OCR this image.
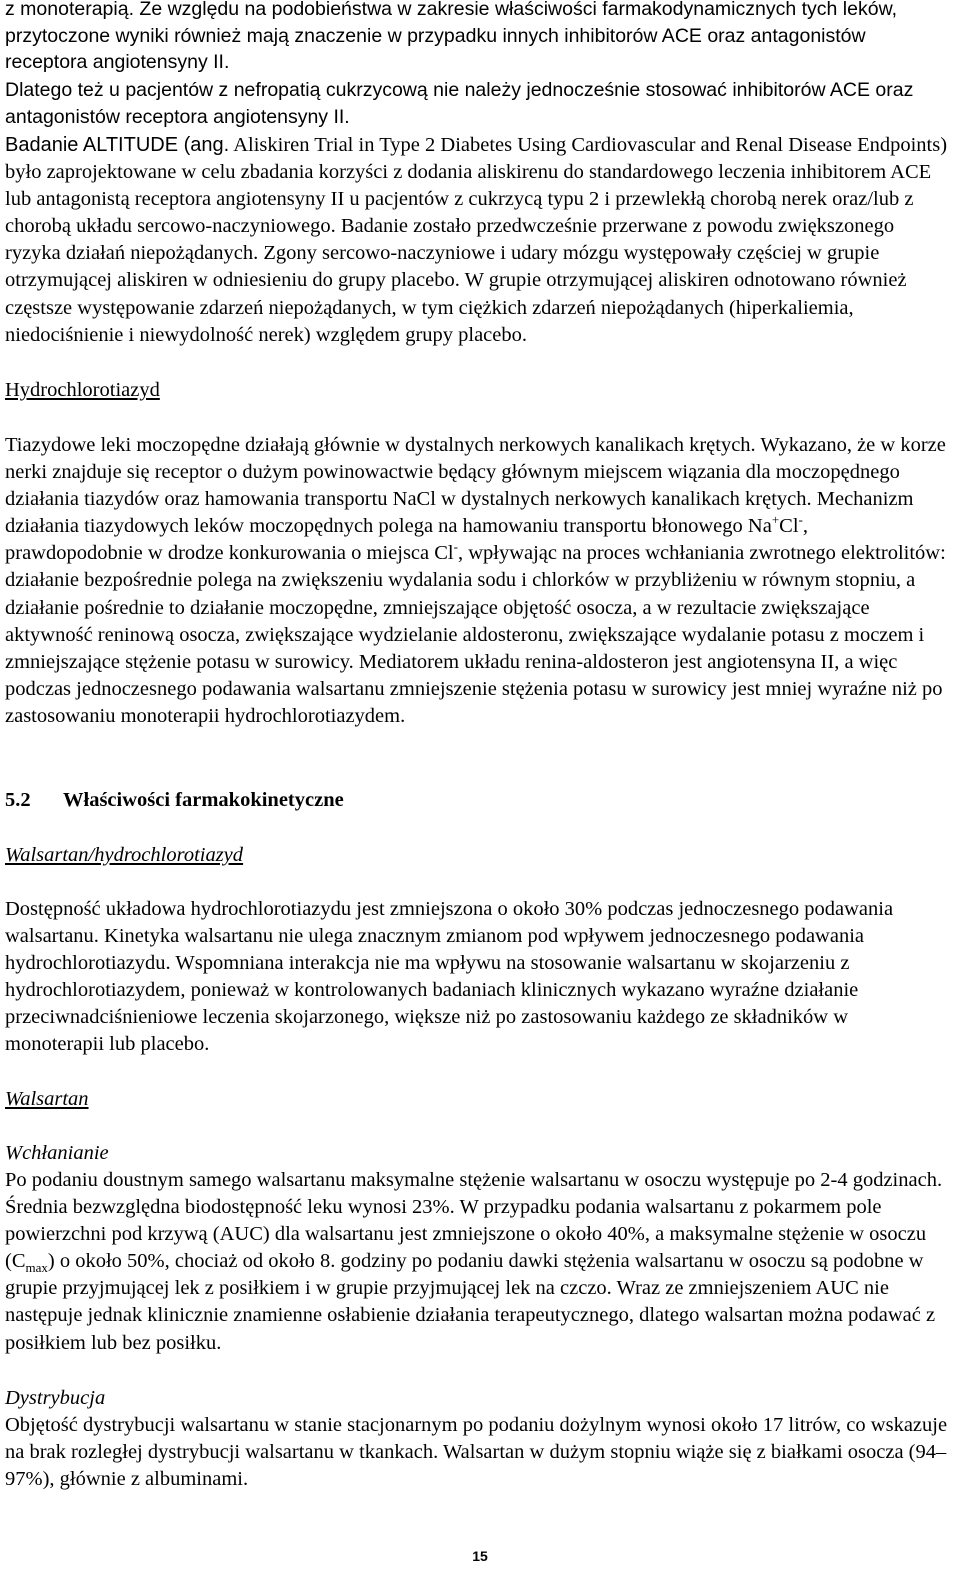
z monoterapią. Ze względu na podobieństwa w zakresie właściwości farmakodynamicznych tych leków, przytoczone wyniki również mają znaczenie w przypadku innych inhibitorów ACE oraz antagonistów receptora angiotensyny II.

Dlatego też u pacjentów z nefropatią cukrzycową nie należy jednocześnie stosować inhibitorów ACE oraz antagonistów receptora angiotensyny II.

Badanie ALTITUDE (ang. Aliskiren Trial in Type 2 Diabetes Using Cardiovascular and Renal Disease Endpoints) było zaprojektowane w celu zbadania korzyści z dodania aliskirenu do standardowego leczenia inhibitorem ACE lub antagonistą receptora angiotensyny II u pacjentów z cukrzycą typu 2 i przewlekłą chorobą nerek oraz/lub z chorobą układu sercowo-naczyniowego. Badanie zostało przedwcześnie przerwane z powodu zwiększonego ryzyka działań niepożądanych. Zgony sercowo-naczyniowe i udary mózgu występowały częściej w grupie otrzymującej aliskiren w odniesieniu do grupy placebo. W grupie otrzymującej aliskiren odnotowano również częstsze występowanie zdarzeń niepożądanych, w tym ciężkich zdarzeń niepożądanych (hiperkaliemia, niedociśnienie i niewydolność nerek) względem grupy placebo.

Hydrochlorotiazyd

Tiazydowe leki moczopędne działają głównie w dystalnych nerkowych kanalikach krętych. Wykazano, że w korze nerki znajduje się receptor o dużym powinowactwie będący głównym miejscem wiązania dla moczopędnego działania tiazydów oraz hamowania transportu NaCl w dystalnych nerkowych kanalikach krętych. Mechanizm działania tiazydowych leków moczopędnych polega na hamowaniu transportu błonowego Na+Cl-, prawdopodobnie w drodze konkurowania o miejsca Cl-, wpływając na proces wchłaniania zwrotnego elektrolitów: działanie bezpośrednie polega na zwiększeniu wydalania sodu i chlorków w przybliżeniu w równym stopniu, a działanie pośrednie to działanie moczopędne, zmniejszające objętość osocza, a w rezultacie zwiększające aktywność reninową osocza, zwiększające wydzielanie aldosteronu, zwiększające wydalanie potasu z moczem i zmniejszające stężenie potasu w surowicy. Mediatorem układu renina-aldosteron jest angiotensyna II, a więc podczas jednoczesnego podawania walsartanu zmniejszenie stężenia potasu w surowicy jest mniej wyraźne niż po zastosowaniu monoterapii hydrochlorotiazydem.

5.2	Właściwości farmakokinetyczne
Walsartan/hydrochlorotiazyd

Dostępność układowa hydrochlorotiazydu jest zmniejszona o około 30% podczas jednoczesnego podawania walsartanu. Kinetyka walsartanu nie ulega znacznym zmianom pod wpływem jednoczesnego podawania hydrochlorotiazydu. Wspomniana interakcja nie ma wpływu na stosowanie walsartanu w skojarzeniu z hydrochlorotiazydem, ponieważ w kontrolowanych badaniach klinicznych wykazano wyraźne działanie przeciwnadciśnieniowe leczenia skojarzonego, większe niż po zastosowaniu każdego ze składników w monoterapii lub placebo.

Walsartan
Wchłanianie

Po podaniu doustnym samego walsartanu maksymalne stężenie walsartanu w osoczu występuje po 2-4 godzinach. Średnia bezwzględna biodostępność leku wynosi 23%. W przypadku podania walsartanu z pokarmem pole powierzchni pod krzywą (AUC) dla walsartanu jest zmniejszone o około 40%, a maksymalne stężenie w osoczu $(C_{max})$ o około 50%, chociaż od około 8. godziny po podaniu dawki stężenia walsartanu w osoczu są podobne w grupie przyjmującej lek z posiłkiem i w grupie przyjmującej lek na czczo. Wraz ze zmniejszeniem AUC nie następuje jednak klinicznie znamienne osłabienie działania terapeutycznego, dlatego walsartan można podawać z posiłkiem lub bez posiłku.

Dystrybucja

Objętość dystrybucji walsartanu w stanie stacjonarnym po podaniu dożylnym wynosi około 17 litrów, co wskazuje na brak rozległej dystrybucji walsartanu w tkankach. Walsartan w dużym stopniu wiąże się z białkami osocza (94–97%), głównie z albuminami.

15
